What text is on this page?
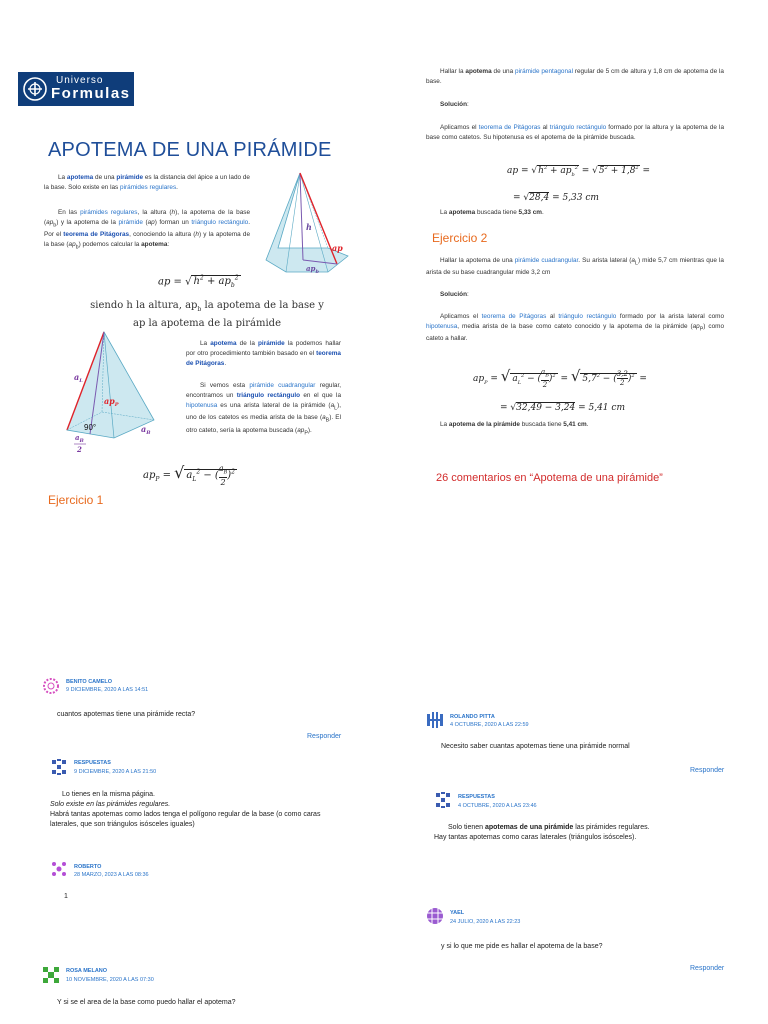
Universo
Formulas
APOTEMA DE UNA PIRÁMIDE
La apotema de una pirámide es la distancia del ápice a un lado de la base. Solo existe en las pirámides regulares.
En las pirámides regulares, la altura (h), la apotema de la base $(ap_b)$ y la apotema de la pirámide (ap) forman un triángulo rectángulo. Por el teorema de Pitágoras, conociendo la altura (h) y la apotema de la base $(ap_b)$ podemos calcular la apotema:
h
ap
$ap_b$
ap = √ $h^2 + ap_b^2$
siendo h la altura, $ap_b$ la apotema de la base y
ap la apotema de la pirámide
$a_L$
$ap_P$
90°	$a_B$
$a_B$
2
La apotema de la pirámide la podemos hallar por otro procedimiento también basado en el teorema de Pitágoras.
Si vemos esta pirámide cuadrangular regular, encontramos un triángulo rectángulo en el que la hipotenusa es una arista lateral de la pirámide $(a_L)$, uno de los catetos es media arista de la base $(a_B)$. El otro cateto, sería la apotema buscada $(ap_P)$.
$ap_P$ = √ $a_L^2$ − ( $\frac{a_B}{2} )^2$
Ejercicio 1
Hallar la apotema de una pirámide pentagonal regular de 5 cm de altura y 1,8 cm de apotema de la base.
Solución:
Aplicamos el teorema de Pitágoras al triángulo rectángulo formado por la altura y la apotema de la base como catetos. Su hipotenusa es el apotema de la pirámide buscada.
ap = $√h^2 + ap_b^2 = √5^2 + 1,8^2$ =
= √28,4 = 5,33 cm
La apotema buscada tiene 5,33 cm.
Ejercicio 2
Hallar la apotema de una pirámide cuadrangular. Su arista lateral $(a_L)$ mide 5,7 cm mientras que la arista de su base cuadrangular mide 3,2 cm
Solución:
Aplicamos el teorema de Pitágoras al triángulo rectángulo formado por la arista lateral como hipotenusa, media arista de la base como cateto conocido y la apotema de la pirámide $(ap_P)$ como cateto a hallar.
$ap_P$ = √ $a_L^2$ − ( $\frac{a_B}{2} )^2$ = √ $5,7^2$ − ( $\frac{3,2}{2} )^2$ =
= √32,49 − 3,24 = 5,41 cm
La apotema de la pirámide buscada tiene 5,41 cm.
26 comentarios en “Apotema de una pirámide”
BENITO CAMELO
9 DICIEMBRE, 2020 A LAS 14:51
cuantos apotemas tiene una pirámide recta?
Responder
RESPUESTAS
9 DICIEMBRE, 2020 A LAS 21:50
Lo tienes en la misma página.
Solo existe en las pirámides regulares.
Habrá tantas apotemas como lados tenga el polígono regular de la base (o como caras laterales, que son triángulos isósceles iguales)
ROBERTO
28 MARZO, 2023 A LAS 08:36
1
ROSA MELANO
10 NOVIEMBRE, 2020 A LAS 07:30
Y si se el area de la base como puedo hallar el apotema?
ROLANDO PITTA
4 OCTUBRE, 2020 A LAS 22:59
Necesito saber cuantas apotemas tiene una pirámide normal
Responder
RESPUESTAS
4 OCTUBRE, 2020 A LAS 23:46
Solo tienen apotemas de una pirámide las pirámides regulares.
Hay tantas apotemas como caras laterales (triángulos isósceles).
YAEL
24 JULIO, 2020 A LAS 22:23
y si lo que me pide es hallar el apotema de la base?
Responder
